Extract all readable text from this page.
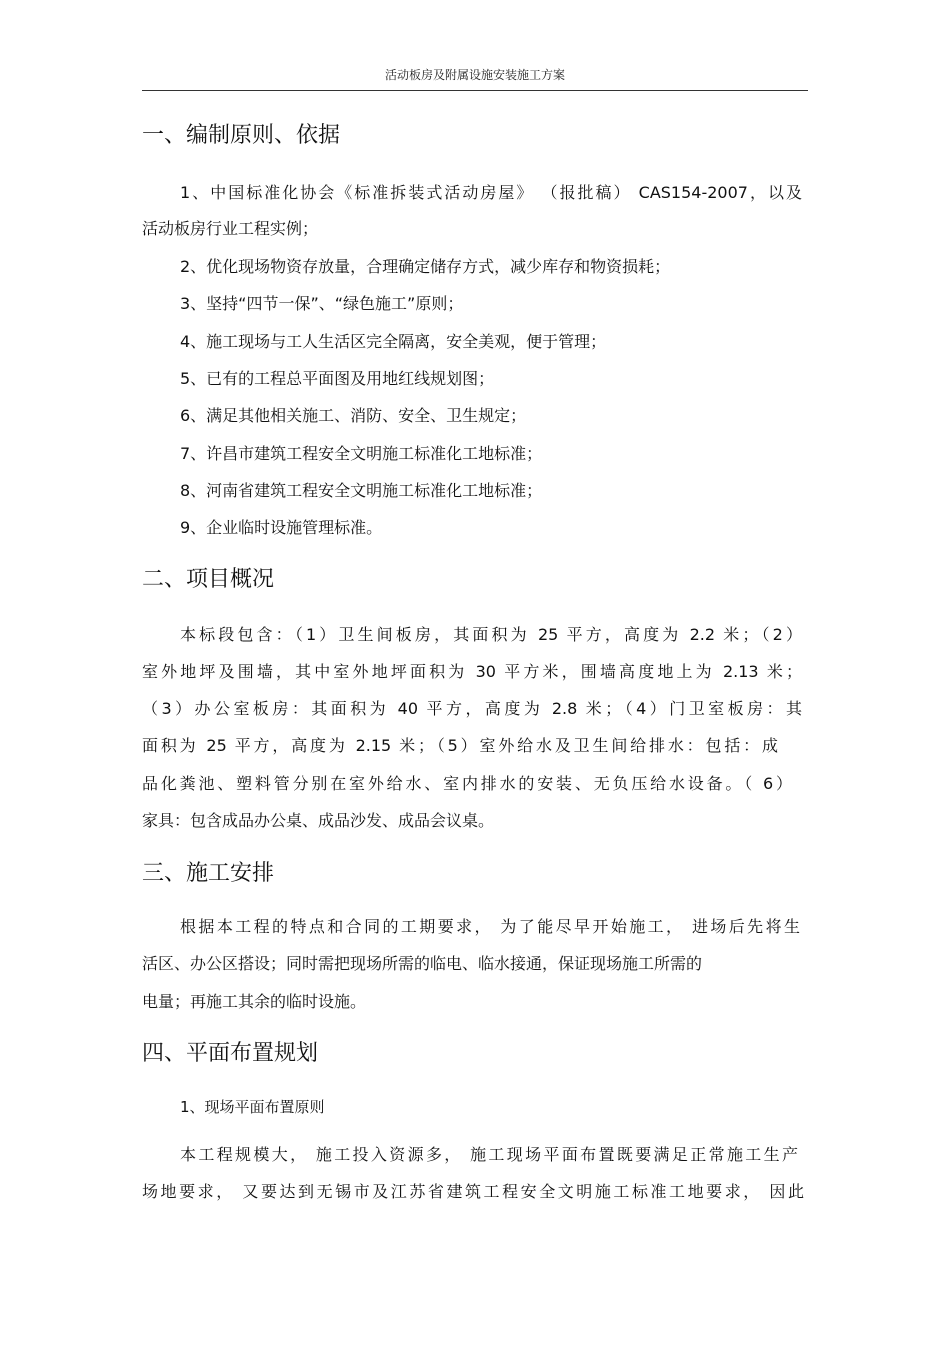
活动板房及附属设施安装施工方案
一、编制原则、依据
1、中国标准化协会《标准拆装式活动房屋》 （报批稿） CAS154-2007，以及
活动板房行业工程实例；
2、优化现场物资存放量，合理确定储存方式，减少库存和物资损耗；
3、坚持“四节一保”、“绿色施工”原则；
4、施工现场与工人生活区完全隔离，安全美观，便于管理；
5、已有的工程总平面图及用地红线规划图；
6、满足其他相关施工、消防、安全、卫生规定；
7、许昌市建筑工程安全文明施工标准化工地标准；
8、河南省建筑工程安全文明施工标准化工地标准；
9、企业临时设施管理标准。
二、项目概况
本标段包含：（1）卫生间板房，其面积为 25 平方，高度为 2.2 米；（2）
室外地坪及围墙，其中室外地坪面积为 30 平方米，围墙高度地上为 2.13 米；
（3）办公室板房：其面积为 40 平方，高度为 2.8 米；（4）门卫室板房：其
面积为 25 平方，高度为 2.15 米；（5）室外给水及卫生间给排水：包括：成
品化粪池、塑料管分别在室外给水、室内排水的安装、无负压给水设备。（ 6）
家具：包含成品办公桌、成品沙发、成品会议桌。
三、施工安排
根据本工程的特点和合同的工期要求， 为了能尽早开始施工， 进场后先将生
活区、办公区搭设；同时需把现场所需的临电、临水接通，保证现场施工所需的
电量；再施工其余的临时设施。
四、平面布置规划
1、现场平面布置原则
本工程规模大， 施工投入资源多， 施工现场平面布置既要满足正常施工生产
场地要求， 又要达到无锡市及江苏省建筑工程安全文明施工标准工地要求， 因此
